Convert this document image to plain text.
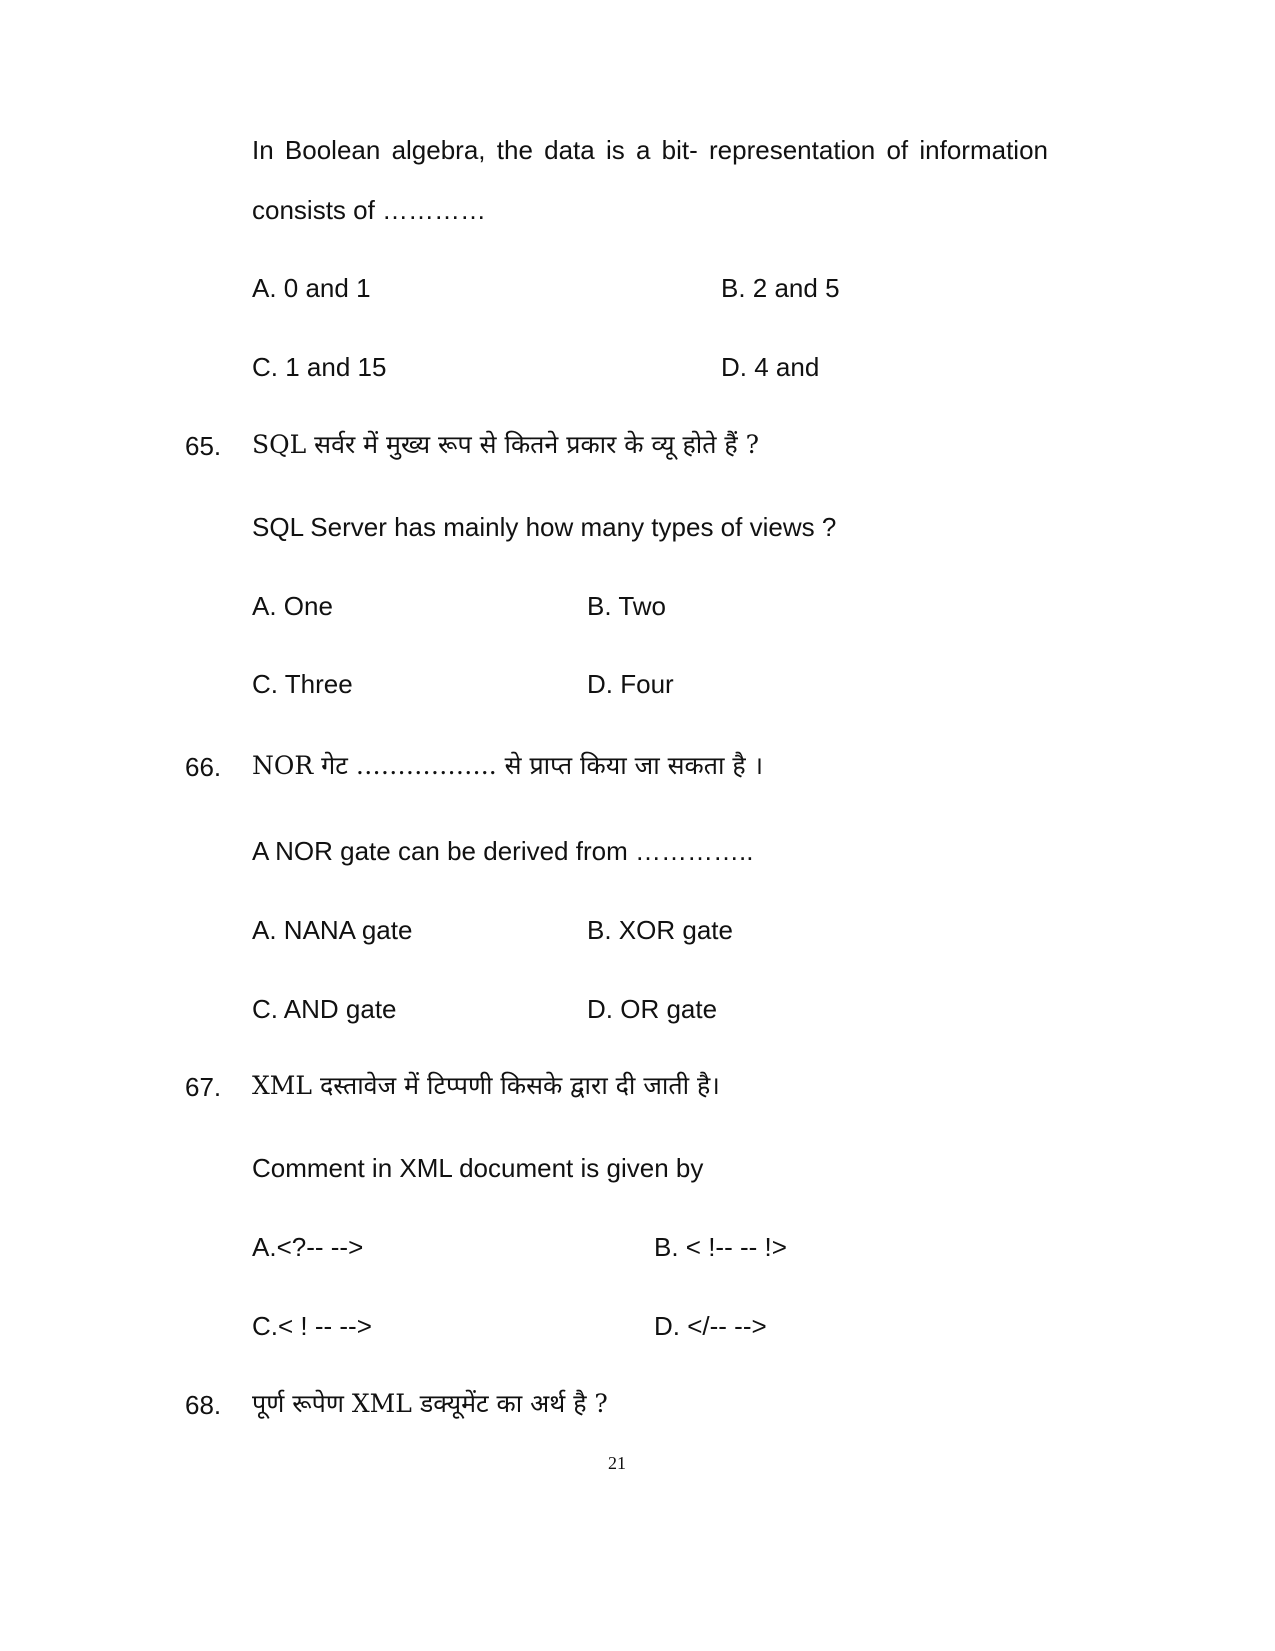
In Boolean algebra, the data is a bit- representation of information
consists of …………
A. 0 and 1	B. 2 and 5
C. 1 and 15	D. 4 and
65. SQL सर्वर में मुख्य रूप से कितने प्रकार के व्यू होते हैं ?
SQL Server has mainly how many types of views ?
A. One	B. Two
C. Three	D. Four
66. NOR गेट …………….. से प्राप्त किया जा सकता है ।
A NOR gate can be derived from …………..
A. NANA gate	B. XOR gate
C. AND gate	D. OR gate
67. XML दस्तावेज में टिप्पणी किसके द्वारा दी जाती है।
Comment in XML document is given by
A.<?-- -->	B. < !-- -- !>
C.< ! -- -->	D. </-- -->
68. पूर्ण रूपेण XML डक्यूमेंट का अर्थ है ?
21
